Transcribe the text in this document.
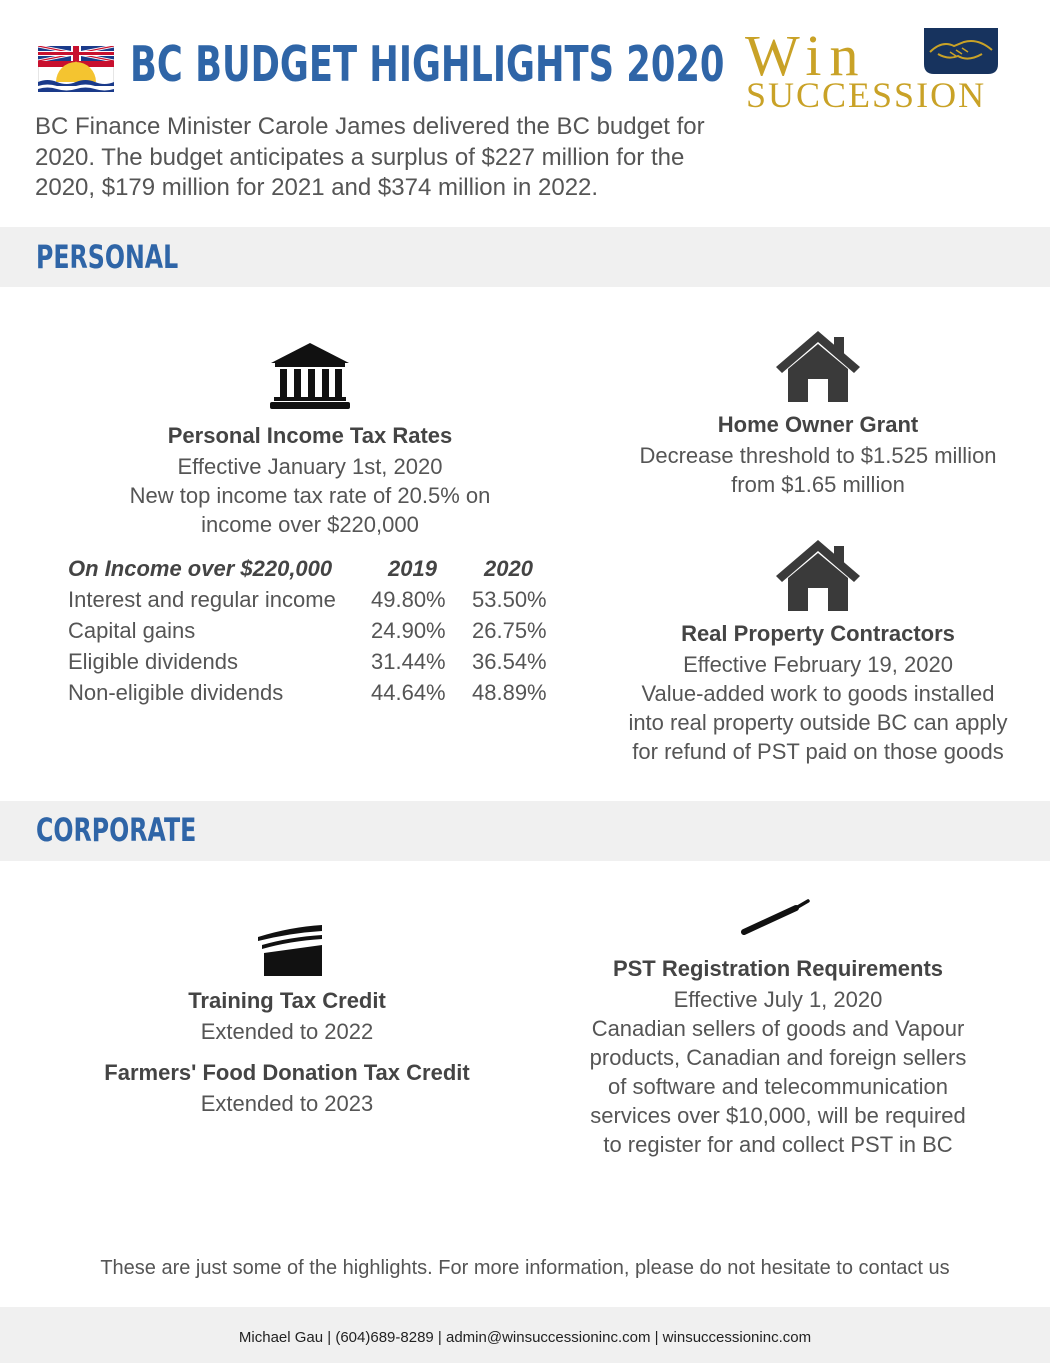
BC BUDGET HIGHLIGHTS 2020 Win
SUCCESSION
BC Finance Minister Carole James delivered the BC budget for 2020. The budget anticipates a surplus of $227 million for the 2020, $179 million for 2021 and $374 million in 2022.
PERSONAL
Personal Income Tax Rates
Effective January 1st, 2020
New top income tax rate of 20.5% on
income over $220,000
On Income over $220,000	2019 2020
Interest and regular income 49.80% 53.50%
Capital gains	24.90% 26.75%
Eligible dividends	31.44% 36.54%
Non-eligible dividends	44.64% 48.89%
Home Owner Grant
Decrease threshold to $1.525 million
from $1.65 million
Real Property Contractors
Effective February 19, 2020
Value-added work to goods installed
into real property outside BC can apply
for refund of PST paid on those goods
CORPORATE
Training Tax Credit
Extended to 2022
Farmers' Food Donation Tax Credit
Extended to 2023
PST Registration Requirements
Effective July 1, 2020
Canadian sellers of goods and Vapour
products, Canadian and foreign sellers
of software and telecommunication
services over $10,000, will be required
to register for and collect PST in BC
These are just some of the highlights. For more information, please do not hesitate to contact us
Michael Gau | (604)689-8289 | admin@winsuccessioninc.com | winsuccessioninc.com
